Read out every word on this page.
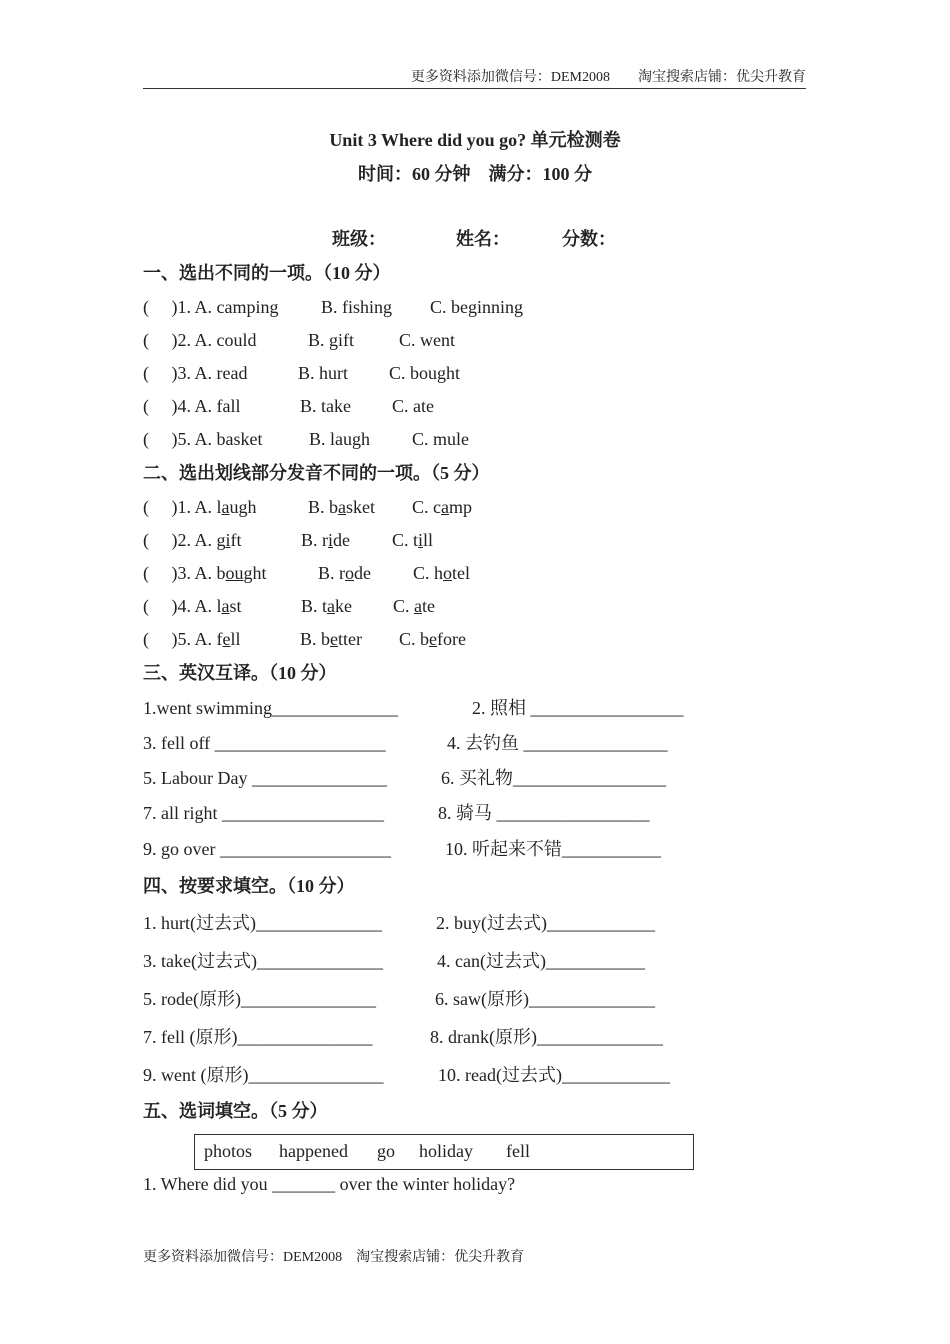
更多资料添加微信号：DEM2008　　淘宝搜索店铺：优尖升教育
Unit 3 Where did you go? 单元检测卷
时间：60 分钟　满分：100 分
班级：	姓名：	分数：
一、选出不同的一项。（10 分）
(　 )1. A. camping B. fishing C. beginning
(　 )2. A. could	B. gift C. went
(　 )3. A. read	B. hurt C. bought
(　 )4. A. fall	B. take C. ate
(　 )5. A. basket	B. laugh C. mule
二、选出划线部分发音不同的一项。（5 分）
(　 )1. A. laugh	B. basket C. camp
(　 )2. A. gift	B. ride C. till
(　 )3. A. bought	B. rode C. hotel
(　 )4. A. last	B. take C. ate
(　 )5. A. fell	B. better C. before
三、英汉互译。（10 分）
1.went swimming______________	2. 照相 _________________
3. fell off ___________________	4. 去钓鱼 ________________
5. Labour Day _______________	6. 买礼物_________________
7. all right __________________	8. 骑马 _________________
9. go over ___________________	10. 听起来不错___________
四、按要求填空。（10 分）
1. hurt(过去式)______________	2. buy(过去式)____________
3. take(过去式)______________	4. can(过去式)___________
5. rode(原形)_______________	6. saw(原形)______________
7. fell (原形)_______________	8. drank(原形)______________
9. went (原形)_______________	10. read(过去式)____________
五、选词填空。（5 分）
photos happened go holiday fell
1. Where did you _______ over the winter holiday?
更多资料添加微信号：DEM2008　淘宝搜索店铺：优尖升教育
